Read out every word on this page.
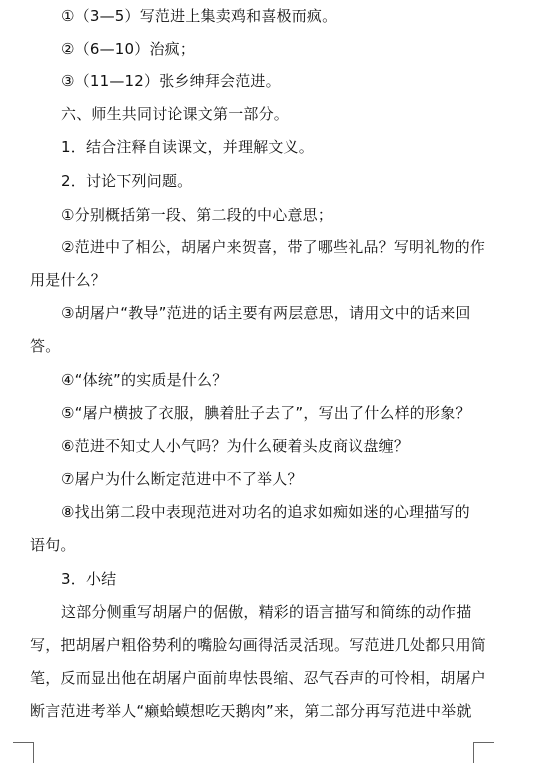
①（3—5）写范进上集卖鸡和喜极而疯。
②（6—10）治疯；
③（11—12）张乡绅拜会范进。
六、师生共同讨论课文第一部分。
1．结合注释自读课文，并理解文义。
2．讨论下列问题。
①分别概括第一段、第二段的中心意思；
②范进中了相公，胡屠户来贺喜，带了哪些礼品？写明礼物的作
用是什么？
③胡屠户“教导”范进的话主要有两层意思，请用文中的话来回
答。
④“体统”的实质是什么？
⑤“屠户横披了衣服，腆着肚子去了”，写出了什么样的形象？
⑥范进不知丈人小气吗？为什么硬着头皮商议盘缠？
⑦屠户为什么断定范进中不了举人？
⑧找出第二段中表现范进对功名的追求如痴如迷的心理描写的
语句。
3．小结
这部分侧重写胡屠户的倨傲，精彩的语言描写和简练的动作描
写，把胡屠户粗俗势利的嘴脸勾画得活灵活现。写范进几处都只用简
笔，反而显出他在胡屠户面前卑怯畏缩、忍气吞声的可怜相，胡屠户
断言范进考举人“癞蛤蟆想吃天鹅肉”来，第二部分再写范进中举就
